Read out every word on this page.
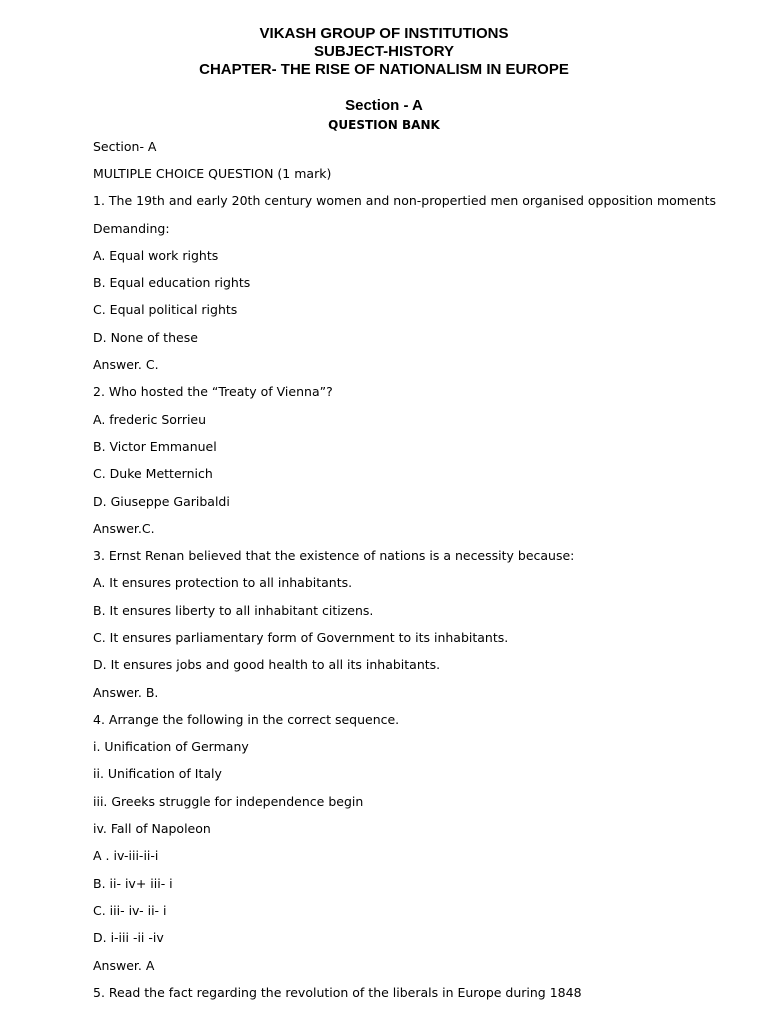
VIKASH GROUP OF INSTITUTIONS
SUBJECT-HISTORY
CHAPTER- THE RISE OF NATIONALISM IN EUROPE
Section - A
QUESTION BANK
Section- A
MULTIPLE CHOICE QUESTION (1 mark)
1. The 19th and early 20th century women and non-propertied men organised opposition moments
Demanding:
A. Equal work rights
B. Equal education rights
C. Equal political rights
D. None of these
Answer. C.
2. Who hosted the “Treaty of Vienna”?
A. frederic Sorrieu
B. Victor Emmanuel
C. Duke Metternich
D. Giuseppe Garibaldi
Answer.C.
3. Ernst Renan believed that the existence of nations is a necessity because:
A. It ensures protection to all inhabitants.
B. It ensures liberty to all inhabitant citizens.
C. It ensures parliamentary form of Government to its inhabitants.
D. It ensures jobs and good health to all its inhabitants.
Answer. B.
4. Arrange the following in the correct sequence.
i. Unification of Germany
ii. Unification of Italy
iii. Greeks struggle for independence begin
iv. Fall of Napoleon
A . iv-iii-ii-i
B. ii- iv+ iii- i
C. iii- iv- ii- i
D. i-iii -ii -iv
Answer. A
5. Read the fact regarding the revolution of the liberals in Europe during 1848
